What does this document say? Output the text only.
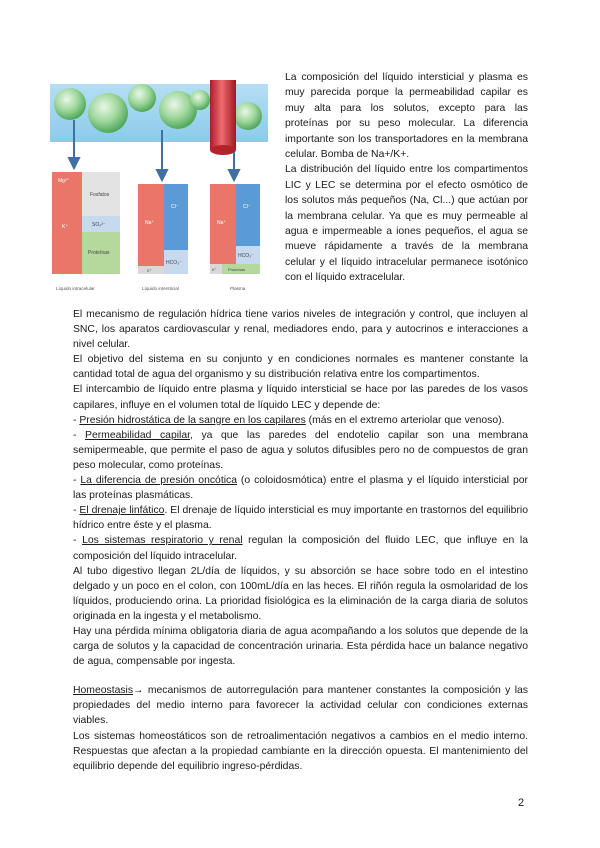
Mg²⁺
K⁺
Fosfatos
SO₄²⁻
Proteínas
Líquido intracelular
Na⁺
Cl⁻
HCO₃⁻
K⁺
Líquido intersticial
Na⁺
Cl⁻
HCO₃⁻
K⁺	Proteínas
Plasma

La composición del líquido intersticial y plasma es muy parecida porque la permeabilidad capilar es muy alta para los solutos, excepto para las proteínas por su peso molecular. La diferencia importante son los transportadores en la membrana celular. Bomba de Na+/K+.

La distribución del líquido entre los compartimentos LIC y LEC se determina por el efecto osmótico de los solutos más pequeños (Na, Cl...) que actúan por la membrana celular. Ya que es muy permeable al agua e impermeable a iones pequeños, el agua se mueve rápidamente a través de la membrana celular y el líquido intracelular permanece isotónico con el líquido extracelular.

El mecanismo de regulación hídrica tiene varios niveles de integración y control, que incluyen al SNC, los aparatos cardiovascular y renal, mediadores endo, para y autocrinos e interacciones a nivel celular.

El objetivo del sistema en su conjunto y en condiciones normales es mantener constante la cantidad total de agua del organismo y su distribución relativa entre los compartimentos.

El intercambio de líquido entre plasma y líquido intersticial se hace por las paredes de los vasos capilares, influye en el volumen total de líquido LEC y depende de:

- Presión hidrostática de la sangre en los capilares (más en el extremo arteriolar que venoso).

- Permeabilidad capilar, ya que las paredes del endotelio capilar son una membrana semipermeable, que permite el paso de agua y solutos difusibles pero no de compuestos de gran peso molecular, como proteínas.

- La diferencia de presión oncótica (o coloidosmótica) entre el plasma y el líquido intersticial por las proteínas plasmáticas.

- El drenaje linfático. El drenaje de líquido intersticial es muy importante en trastornos del equilibrio hídrico entre éste y el plasma.

- Los sistemas respiratorio y renal regulan la composición del fluido LEC, que influye en la composición del líquido intracelular.

Al tubo digestivo llegan 2L/día de líquidos, y su absorción se hace sobre todo en el intestino delgado y un poco en el colon, con 100mL/día en las heces. El riñón regula la osmolaridad de los líquidos, produciendo orina. La prioridad fisiológica es la eliminación de la carga diaria de solutos originada en la ingesta y el metabolismo.

Hay una pérdida mínima obligatoria diaria de agua acompañando a los solutos que depende de la carga de solutos y la capacidad de concentración urinaria. Esta pérdida hace un balance negativo de agua, compensable por ingesta.

Homeostasis→ mecanismos de autorregulación para mantener constantes la composición y las propiedades del medio interno para favorecer la actividad celular con condiciones externas viables.

Los sistemas homeostáticos son de retroalimentación negativos a cambios en el medio interno. Respuestas que afectan a la propiedad cambiante en la dirección opuesta. El mantenimiento del equilibrio depende del equilibrio ingreso-pérdidas.

2
